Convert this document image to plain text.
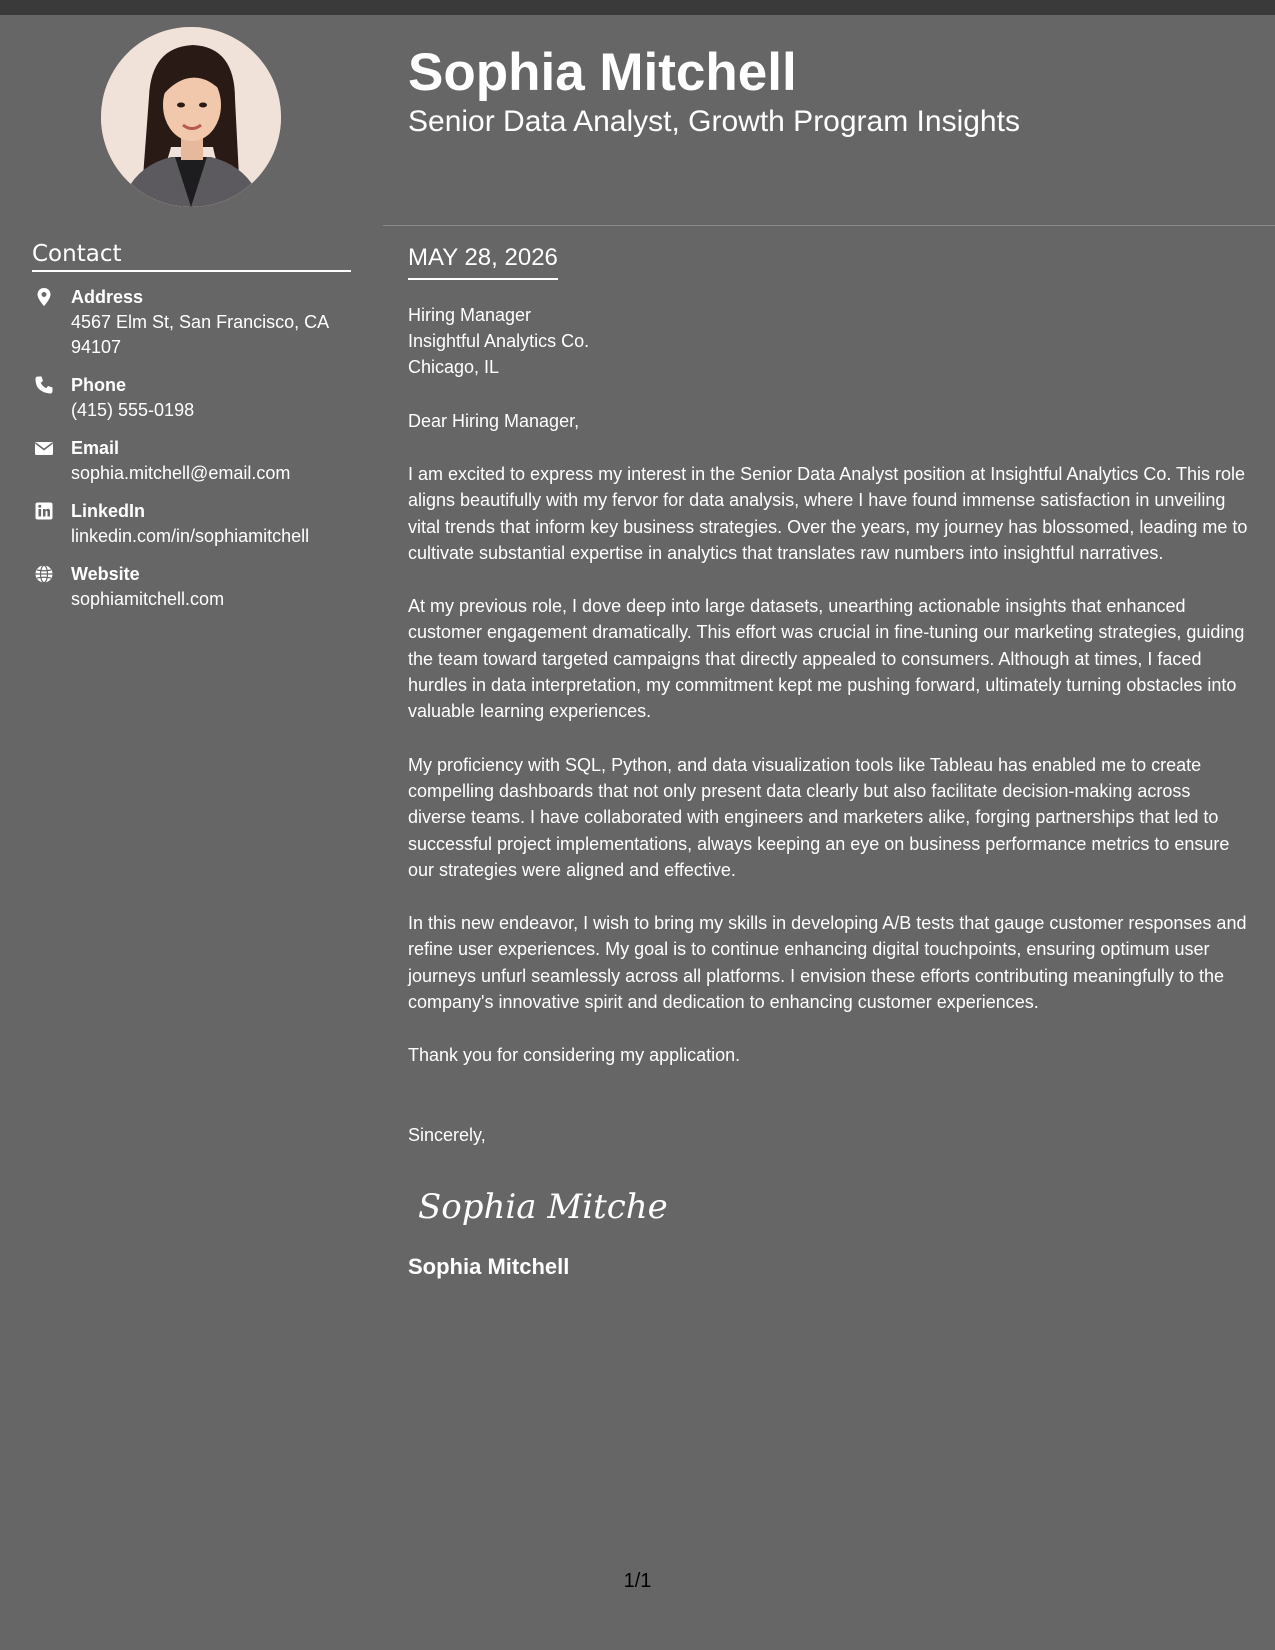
Contact
Address
4567 Elm St, San Francisco, CA 94107
Phone
(415) 555-0198
Email
sophia.mitchell@email.com
LinkedIn
linkedin.com/in/sophiamitchell
Website
sophiamitchell.com
Sophia Mitchell
Senior Data Analyst, Growth Program Insights
MAY 28, 2026
Hiring Manager
Insightful Analytics Co.
Chicago, IL
Dear Hiring Manager,

I am excited to express my interest in the Senior Data Analyst position at Insightful Analytics Co. This role aligns beautifully with my fervor for data analysis, where I have found immense satisfaction in unveiling vital trends that inform key business strategies. Over the years, my journey has blossomed, leading me to cultivate substantial expertise in analytics that translates raw numbers into insightful narratives.

At my previous role, I dove deep into large datasets, unearthing actionable insights that enhanced customer engagement dramatically. This effort was crucial in fine-tuning our marketing strategies, guiding the team toward targeted campaigns that directly appealed to consumers. Although at times, I faced hurdles in data interpretation, my commitment kept me pushing forward, ultimately turning obstacles into valuable learning experiences.

My proficiency with SQL, Python, and data visualization tools like Tableau has enabled me to create compelling dashboards that not only present data clearly but also facilitate decision-making across diverse teams. I have collaborated with engineers and marketers alike, forging partnerships that led to successful project implementations, always keeping an eye on business performance metrics to ensure our strategies were aligned and effective.

In this new endeavor, I wish to bring my skills in developing A/B tests that gauge customer responses and refine user experiences. My goal is to continue enhancing digital touchpoints, ensuring optimum user journeys unfurl seamlessly across all platforms. I envision these efforts contributing meaningfully to the company's innovative spirit and dedication to enhancing customer experiences.

Thank you for considering my application.

Sincerely,
Sophia Mitchell
Sophia Mitchell
1/1
